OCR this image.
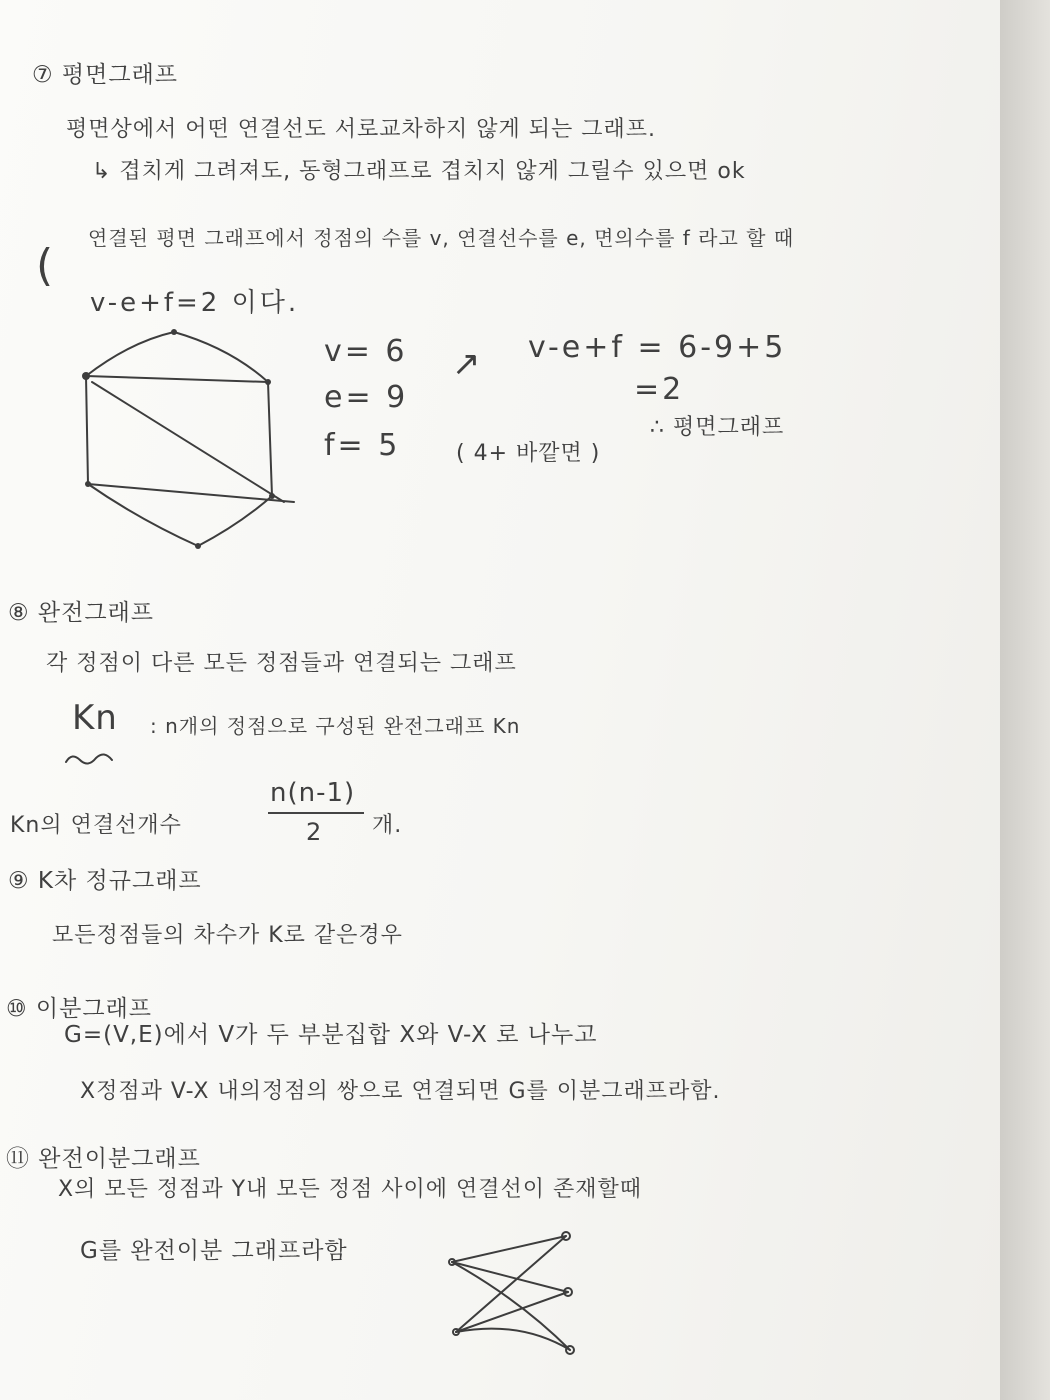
⑦ 평면그래프
평면상에서 어떤 연결선도 서로교차하지 않게 되는 그래프.
↳ 겹치게 그려져도, 동형그래프로 겹치지 않게 그릴수 있으면 ok
(
연결된 평면 그래프에서 정점의 수를 v, 연결선수를 e, 면의수를 f 라고 할 때
v-e+f=2 이다.
v= 6
e= 9
f= 5
↗ v-e+f = 6-9+5
=2
( 4+ 바깥면 )
∴ 평면그래프
⑧ 완전그래프
각 정점이 다른 모든 정점들과 연결되는 그래프
Kn : n개의 정점으로 구성된 완전그래프 Kn
Kn의 연결선개수
n(n-1)
2 개.
⑨ K차 정규그래프
모든정점들의 차수가 K로 같은경우
⑩ 이분그래프
G=(V,E)에서 V가 두 부분집합 X와 V-X 로 나누고
X정점과 V-X 내의정점의 쌍으로 연결되면 G를 이분그래프라함.
⑪ 완전이분그래프
X의 모든 정점과 Y내 모든 정점 사이에 연결선이 존재할때
G를 완전이분 그래프라함
